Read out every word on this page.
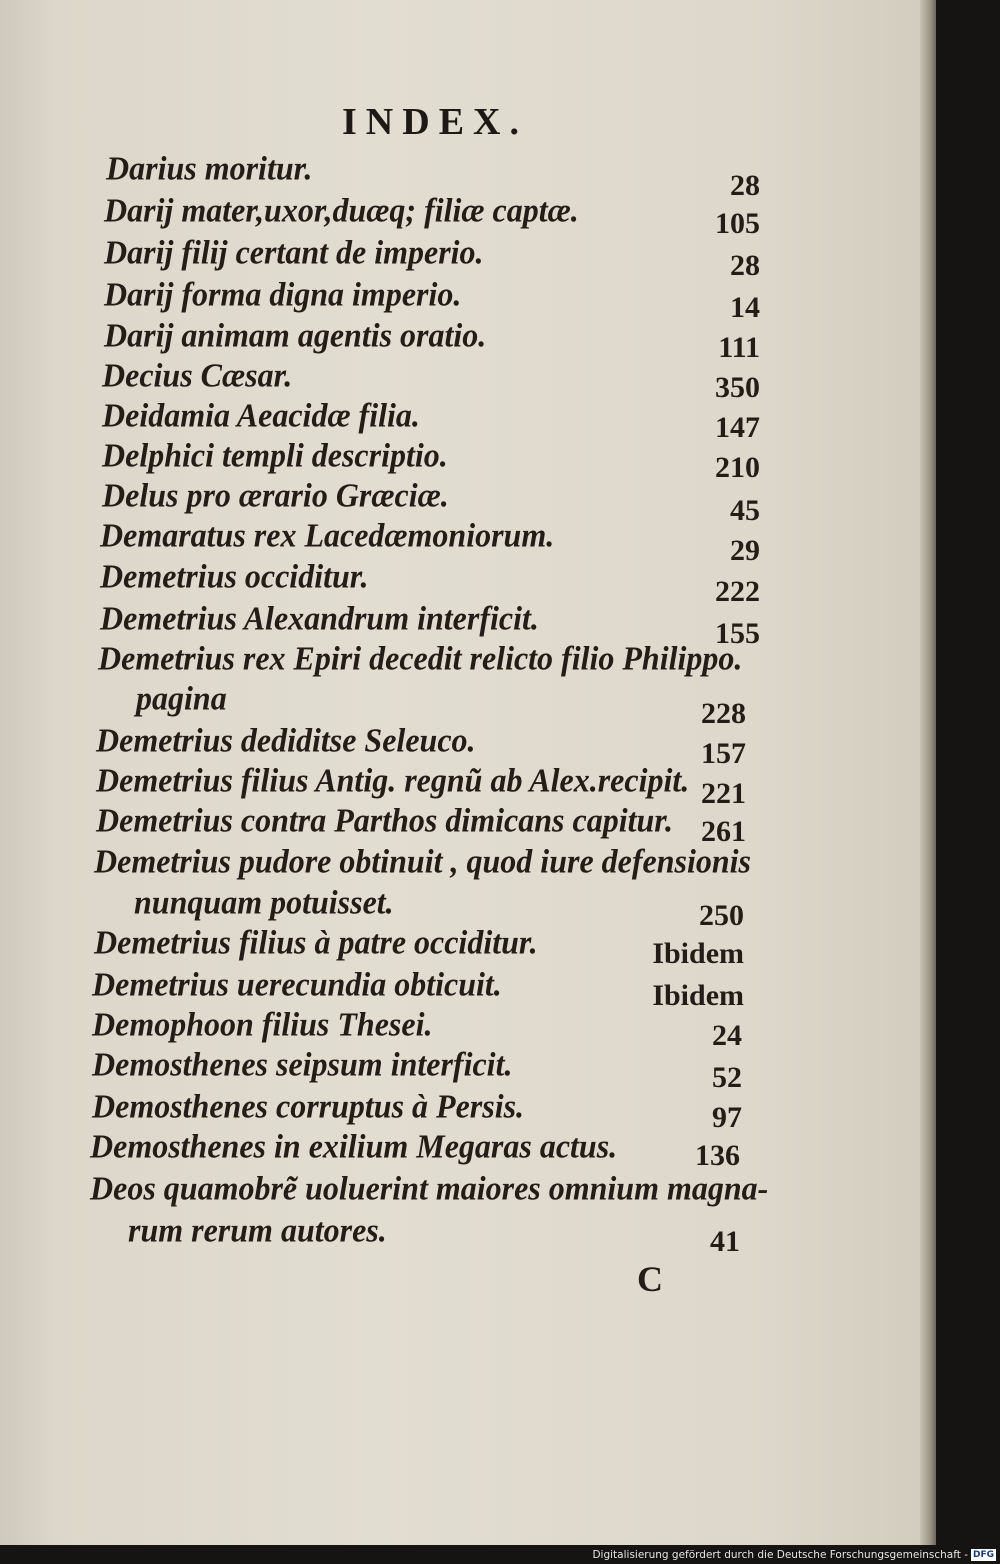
INDEX.
Darius moritur.	28
Darij mater,uxor,duæq; filiæ captæ.	105
Darij filij certant de imperio.	28
Darij forma digna imperio.	14
Darij animam agentis oratio.	111
Decius Cæsar.	350
Deidamia Aeacidæ filia.	147
Delphici templi descriptio.	210
Delus pro ærario Græciæ.	45
Demaratus rex Lacedæmoniorum.	29
Demetrius occiditur.	222
Demetrius Alexandrum interficit.	155
Demetrius rex Epiri decedit relicto filio Philippo.
pagina	228
Demetrius dediditse Seleuco.	157
Demetrius filius Antig. regnũ ab Alex.recipit. 221
Demetrius contra Parthos dimicans capitur. 261
Demetrius pudore obtinuit , quod iure defensionis
nunquam potuisset.	250
Demetrius filius à patre occiditur.	Ibidem
Demetrius uerecundia obticuit.	Ibidem
Demophoon filius Thesei.	24
Demosthenes seipsum interficit.	52
Demosthenes corruptus à Persis.	97
Demosthenes in exilium Megaras actus.	136
Deos quamobrẽ uoluerint maiores omnium magna-
rum rerum autores.	41
C
Digitalisierung gefördert durch die Deutsche Forschungsgemeinschaft - DFG
